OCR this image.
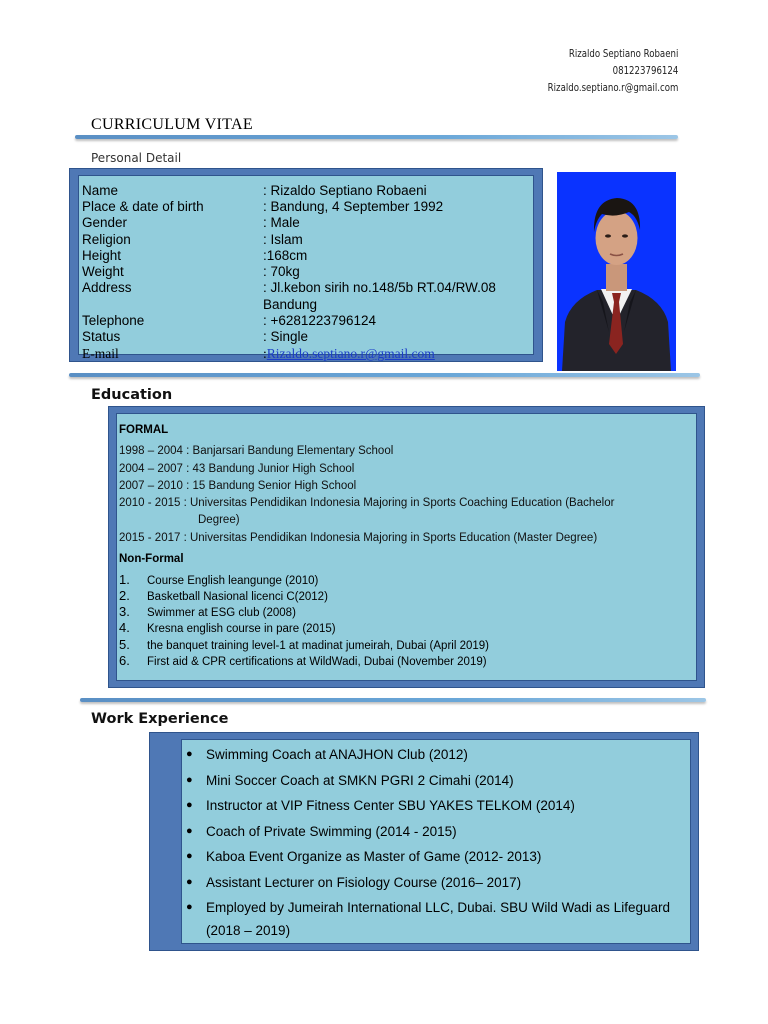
Rizaldo Septiano Robaeni
081223796124
Rizaldo.septiano.r@gmail.com
CURRICULUM VITAE
Personal Detail
Name	: Rizaldo Septiano Robaeni
Place & date of birth	: Bandung, 4 September 1992
Gender	: Male
Religion	: Islam
Height	:168cm
Weight	: 70kg
Address	: Jl.kebon sirih no.148/5b RT.04/RW.08
Bandung
Telephone	: +6281223796124
Status	: Single
E-mail	:Rizaldo.septiano.r@gmail.com
Education
FORMAL
1998 – 2004 : Banjarsari Bandung Elementary School
2004 – 2007 : 43 Bandung Junior High School
2007 – 2010 : 15 Bandung Senior High School
2010 - 2015 : Universitas Pendidikan Indonesia Majoring in Sports Coaching Education (Bachelor
Degree)
2015 - 2017 : Universitas Pendidikan Indonesia Majoring in Sports Education (Master Degree)
Non-Formal
1. Course English leangunge (2010)
2. Basketball Nasional licenci C(2012)
3. Swimmer at ESG club (2008)
4. Kresna english course in pare (2015)
5. the banquet training level-1 at madinat jumeirah, Dubai (April 2019)
6. First aid & CPR certifications at WildWadi, Dubai (November 2019)
Work Experience
● Swimming Coach at ANAJHON Club (2012)
● Mini Soccer Coach at SMKN PGRI 2 Cimahi (2014)
● Instructor at VIP Fitness Center SBU YAKES TELKOM (2014)
● Coach of Private Swimming (2014 - 2015)
● Kaboa Event Organize as Master of Game (2012- 2013)
● Assistant Lecturer on Fisiology Course (2016– 2017)
● Employed by Jumeirah International LLC, Dubai. SBU Wild Wadi as Lifeguard (2018 – 2019)
